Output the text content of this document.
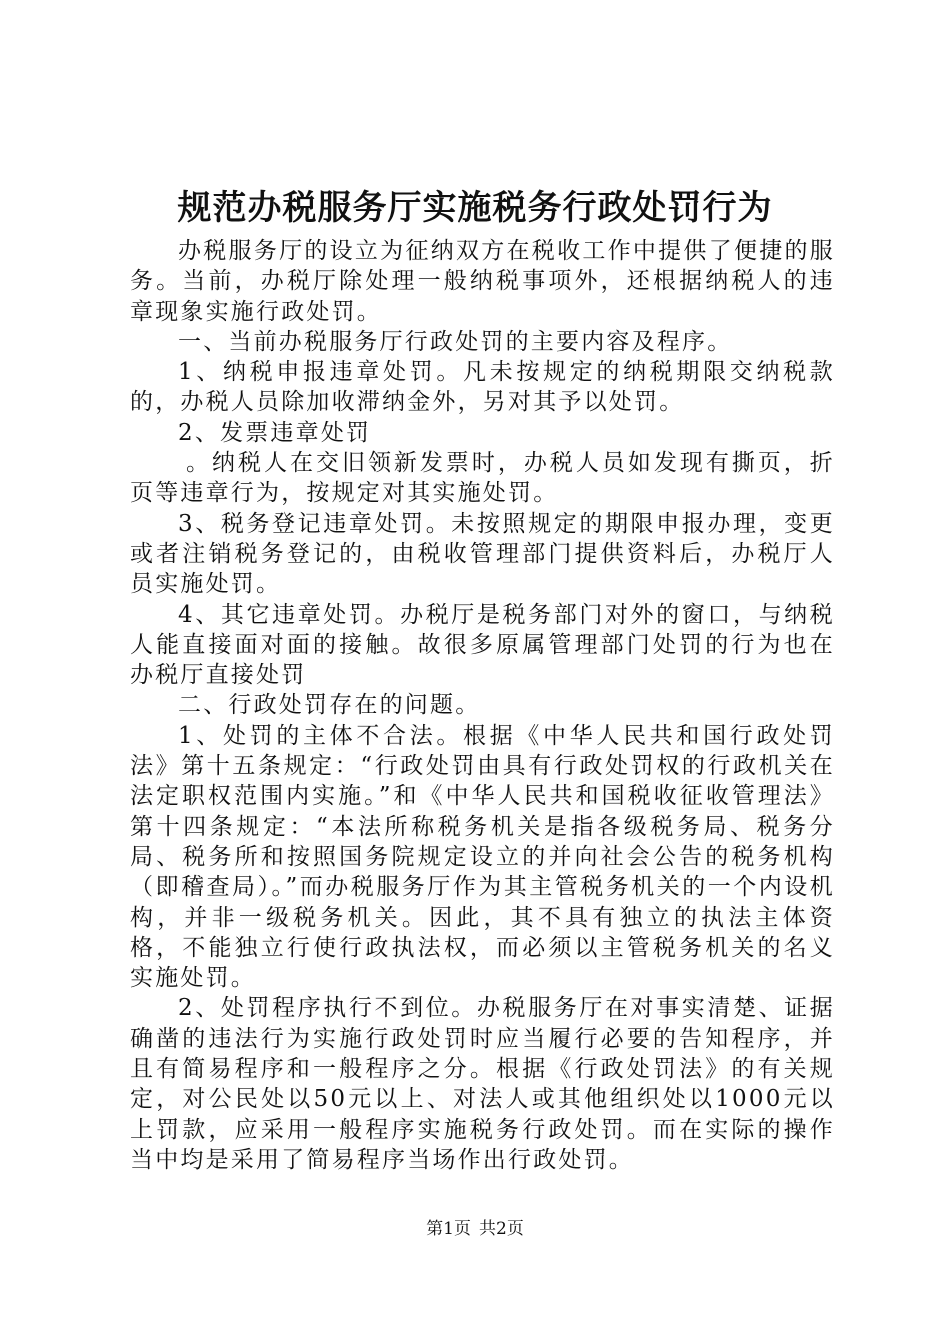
规范办税服务厅实施税务行政处罚行为

办税服务厅的设立为征纳双方在税收工作中提供了便捷的服务。当前，办税厅除处理一般纳税事项外，还根据纳税人的违章现象实施行政处罚。

一、当前办税服务厅行政处罚的主要内容及程序。

1、纳税申报违章处罚。凡未按规定的纳税期限交纳税款的，办税人员除加收滞纳金外，另对其予以处罚。

2、发票违章处罚

。纳税人在交旧领新发票时，办税人员如发现有撕页，折页等违章行为，按规定对其实施处罚。

3、税务登记违章处罚。未按照规定的期限申报办理，变更或者注销税务登记的，由税收管理部门提供资料后，办税厅人员实施处罚。

4、其它违章处罚。办税厅是税务部门对外的窗口，与纳税人能直接面对面的接触。故很多原属管理部门处罚的行为也在办税厅直接处罚

二、行政处罚存在的问题。

1、处罚的主体不合法。根据《中华人民共和国行政处罚法》第十五条规定：“行政处罚由具有行政处罚权的行政机关在法定职权范围内实施。”和《中华人民共和国税收征收管理法》第十四条规定：“本法所称税务机关是指各级税务局、税务分局、税务所和按照国务院规定设立的并向社会公告的税务机构（即稽查局）。”而办税服务厅作为其主管税务机关的一个内设机构，并非一级税务机关。因此，其不具有独立的执法主体资格，不能独立行使行政执法权，而必须以主管税务机关的名义实施处罚。

2、处罚程序执行不到位。办税服务厅在对事实清楚、证据确凿的违法行为实施行政处罚时应当履行必要的告知程序，并且有简易程序和一般程序之分。根据《行政处罚法》的有关规定，对公民处以50元以上、对法人或其他组织处以1000元以上罚款，应采用一般程序实施税务行政处罚。而在实际的操作当中均是采用了简易程序当场作出行政处罚。

第1页 共2页
